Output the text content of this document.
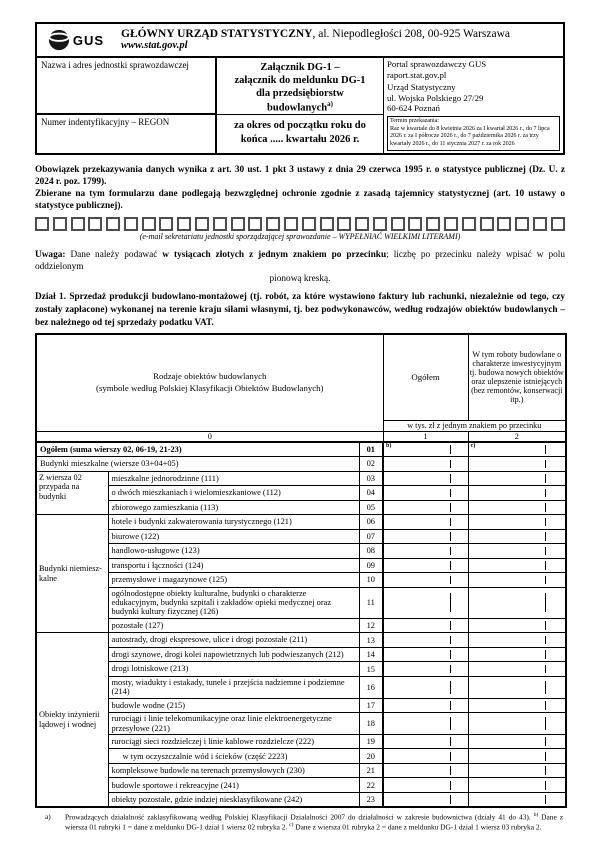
GUS GŁÓWNY URZĄD STATYSTYCZNY, al. Niepodległości 208, 00-925 Warszawa
www.stat.gov.pl
Nazwa i adres jednostki sprawozdawczej
Numer indentyfikacyjny – REGON
Załącznik DG-1 –
załącznik do meldunku DG-1
dla przedsiębiorstw
budowlanych$^{a)}$
za okres od początku roku do końca ..... kwartału 2026 r.
Portal sprawozdawczy GUS
raport.stat.gov.pl
Urząd Statystyczny
ul. Wojska Polskiego 27/29
60-624 Poznań
Termin przekazania:
Raz w kwartale do 8 kwietnia 2026 za I kwartał 2026 r., do 7 lipca 2026 r. za I półrocze 2026 r., do 7 października 2026 r. za trzy kwartały 2026 r., do 11 stycznia 2027 r. za rok 2026
Obowiązek przekazywania danych wynika z art. 30 ust. 1 pkt 3 ustawy z dnia 29 czerwca 1995 r. o statystyce publicznej (Dz. U. z 2024 r. poz. 1799).
Zbierane na tym formularzu dane podlegają bezwzględnej ochronie zgodnie z zasadą tajemnicy statystycznej (art. 10 ustawy o statystyce publicznej).
(e-mail sekretariatu jednostki sporządzającej sprawozdanie – WYPEŁNIAĆ WIELKIMI LITERAMI)
Uwaga: Dane należy podawać w tysiącach złotych z jednym znakiem po przecinku; liczbę po przecinku należy wpisać w polu oddzielonym
pionową kreską.
Dział 1. Sprzedaż produkcji budowlano-montażowej (tj. robót, za które wystawiono faktury lub rachunki, niezależnie od tego, czy zostały zapłacone) wykonanej na terenie kraju siłami własnymi, tj. bez podwykonawców, według rodzajów obiektów budowlanych – bez należnego od tej sprzedaży podatku VAT.
Rodzaje obiektów budowlanych
(symbole według Polskiej Klasyfikacji Obiektów Budowlanych)			Ogółem	W tym roboty budowlane o charakterze inwestycyjnym tj. budowa nowych obiektów oraz ulepszenie istniejących (bez remontów, konserwacji itp.)
			w tys. zł z jednym znakiem po przecinku	
0			1	2
Ogółem (suma wierszy 02, 06-19, 21-23)		01	b)	c)

Budynki mieszkalne (wiersze 03+04+05)		02	

Z wiersza 02 przypada na budynki	mieszkalne jednorodzinne (111)	03	

	o dwóch mieszkaniach i wielomieszkaniowe (112)	04	

	zbiorowego zamieszkania (113)	05	

Budynki niemiesz-kalne	hotele i budynki zakwaterowania turystycznego (121)	06	

	biurowe (122)	07	

	handlowo-usługowe (123)	08	

	transportu i łączności (124)	09	

	przemysłowe i magazynowe (125)	10	

	ogólnodostępne obiekty kulturalne, budynki o charakterze edukacyjnym, budynki szpitali i zakładów opieki medycznej oraz budynki kultury fizycznej (126)	11	

	pozostałe (127)	12	

Obiekty inżynierii lądowej i wodnej	autostrady, drogi ekspresowe, ulice i drogi pozostałe (211)	13	

	drogi szynowe, drogi kolei napowietrznych lub podwieszanych (212)	14	

	drogi lotniskowe (213)	15	

	mosty, wiadukty i estakady, tunele i przejścia nadziemne i podziemne (214)	16	

	budowle wodne (215)	17	

	rurociągi i linie telekomunikacyjne oraz linie elektroenergetyczne przesyłowe (221)	18	

	rurociągi sieci rozdzielczej i linie kablowe rozdzielcze (222)	19	

	w tym oczyszczalnie wód i ścieków (część 2223)	20	

	kompleksowe budowle na terenach przemysłowych (230)	21	

	budowle sportowe i rekreacyjne (241)	22	

	obiekty pozostałe, gdzie indziej niesklasyfikowane (242)	23	

a) Prowadzących działalność zaklasyfikowaną według Polskiej Klasyfikacji Działalności 2007 do działalności w zakresie budownictwa (działy 41 do 43). $^{b)}$ Dane z wiersza 01 rubryki 1 = dane z meldunku DG-1 dział 1 wiersz 02 rubryka 2. $^{c)}$ Dane z wiersza 01 rubryka 2 = dane z meldunku DG-1 dział 1 wiersz 03 rubryka 2.
